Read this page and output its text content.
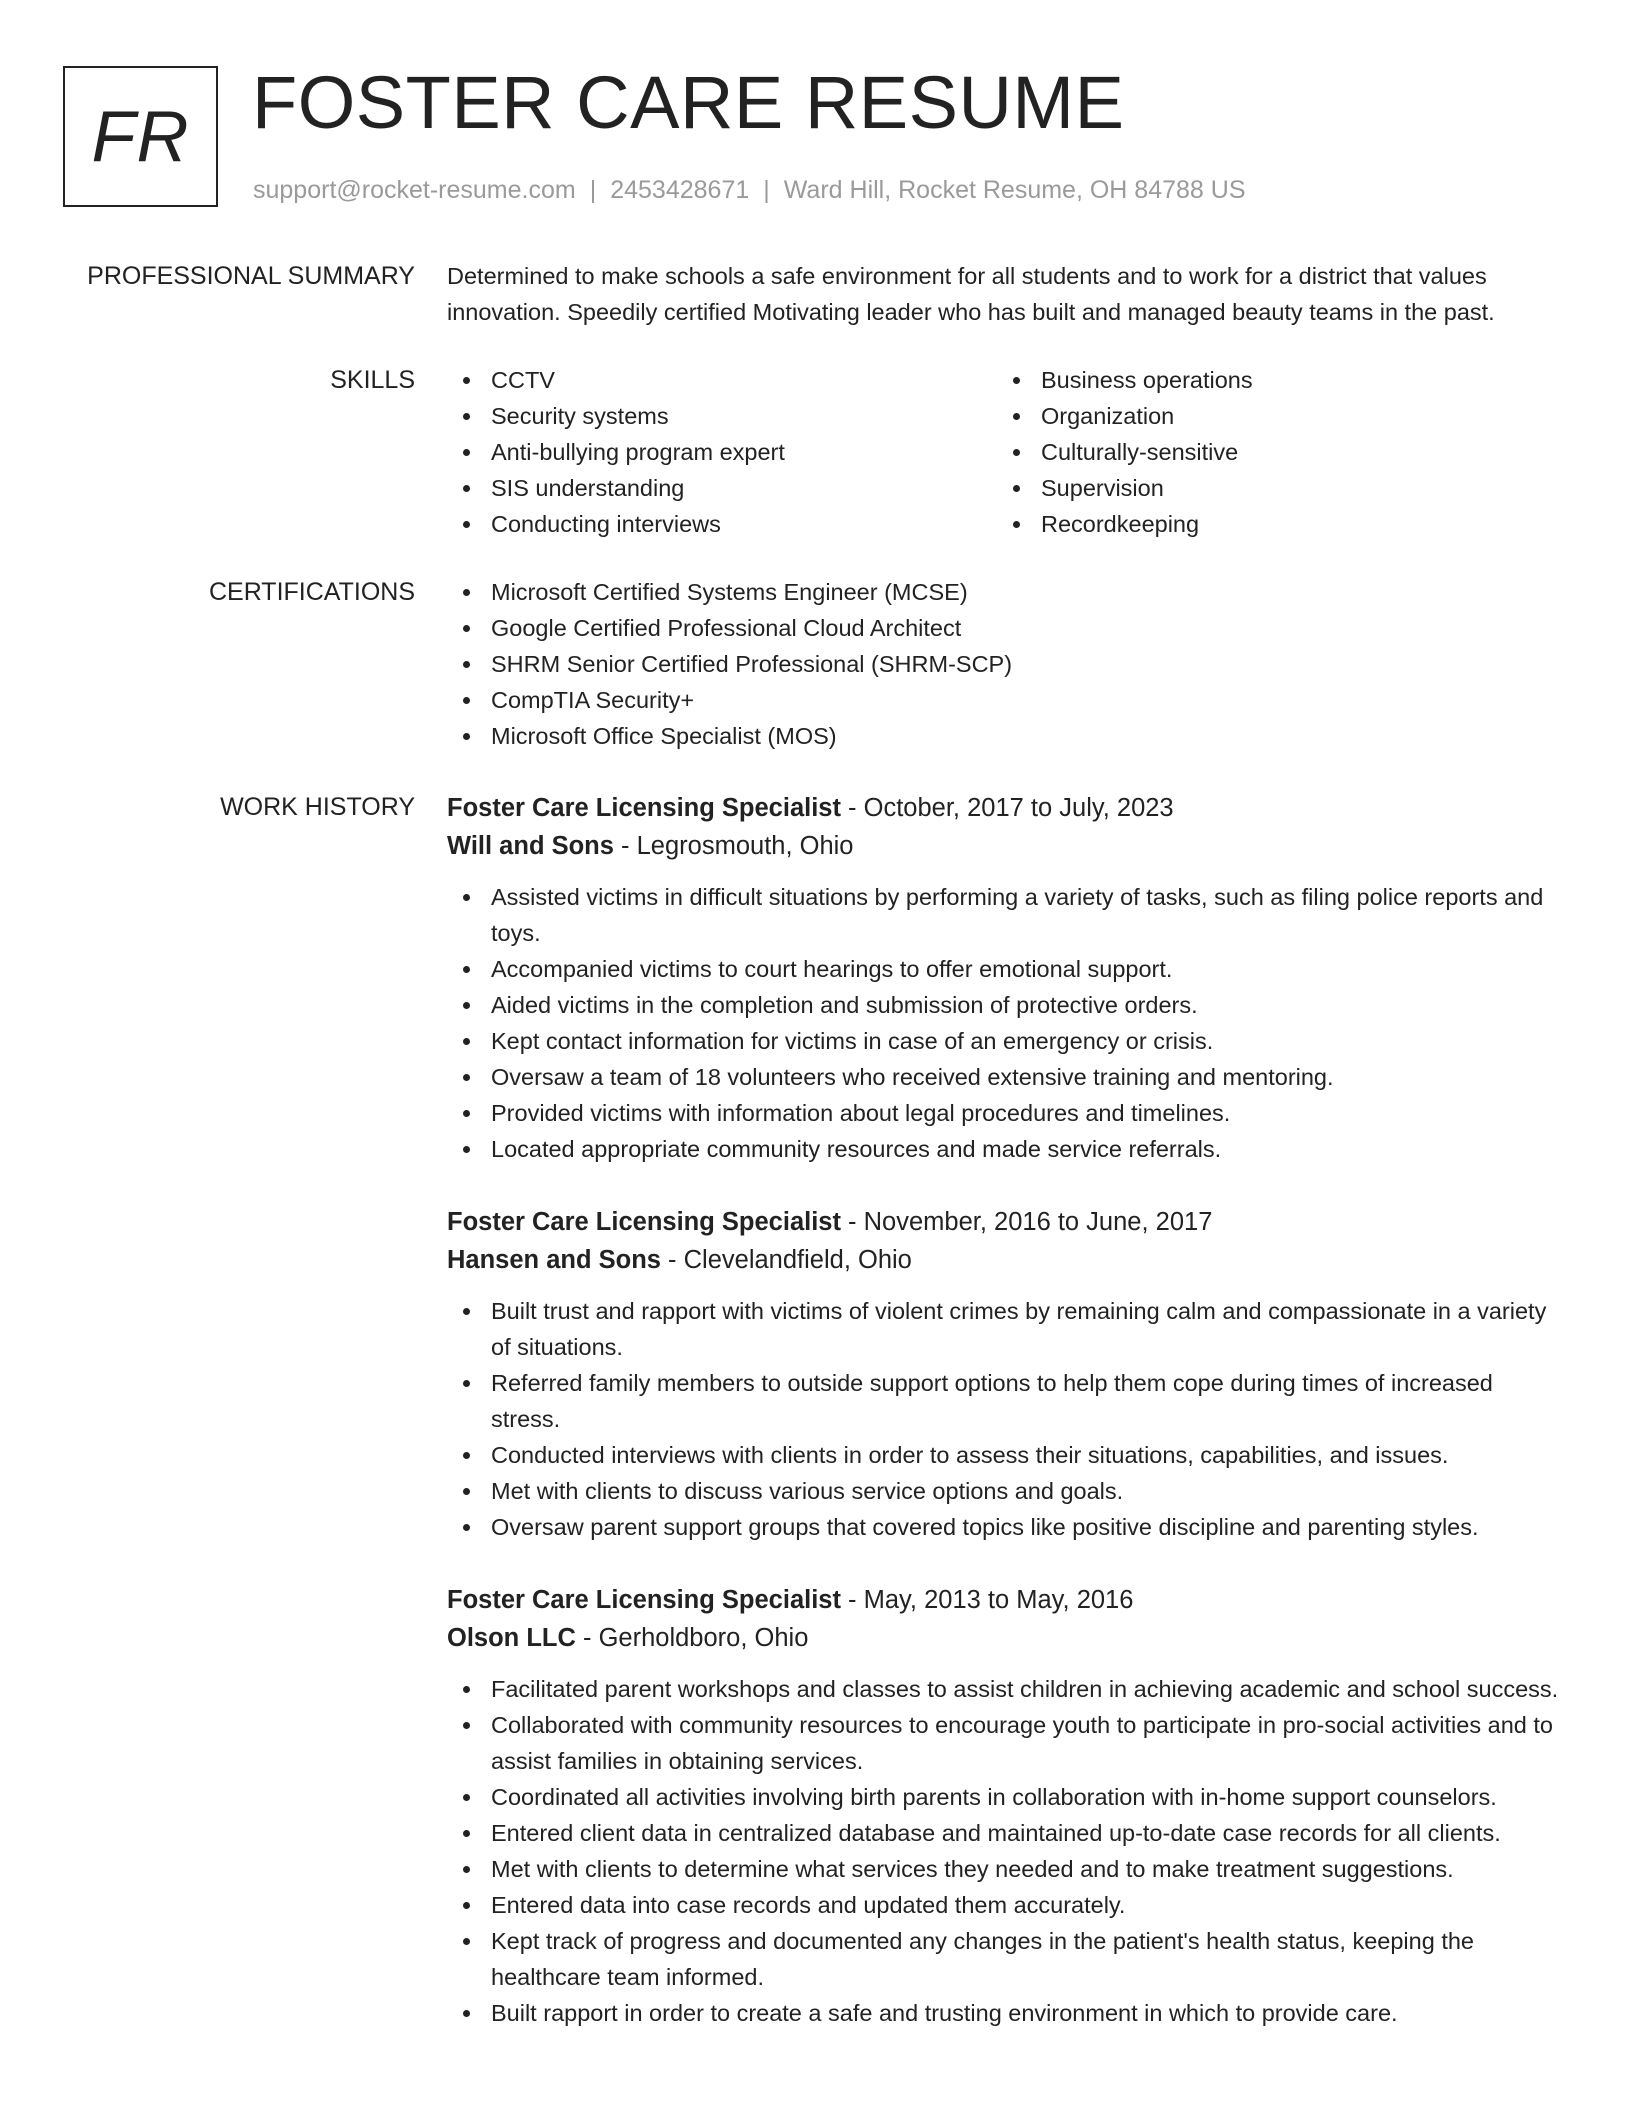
FR FOSTER CARE RESUME
support@rocket-resume.com | 2453428671 | Ward Hill, Rocket Resume, OH 84788 US
PROFESSIONAL SUMMARY Determined to make schools a safe environment for all students and to work for a district that values innovation. Speedily certified Motivating leader who has built and managed beauty teams in the past.
SKILLS	CCTV
Security systems
Anti-bullying program expert
SIS understanding
Conducting interviews
Business operations
Organization
Culturally-sensitive
Supervision
Recordkeeping
CERTIFICATIONS	Microsoft Certified Systems Engineer (MCSE)
Google Certified Professional Cloud Architect
SHRM Senior Certified Professional (SHRM-SCP)
CompTIA Security+
Microsoft Office Specialist (MOS)
WORK HISTORY Foster Care Licensing Specialist - October, 2017 to July, 2023
Will and Sons - Legrosmouth, Ohio
Assisted victims in difficult situations by performing a variety of tasks, such as filing police reports and toys.
Accompanied victims to court hearings to offer emotional support.
Aided victims in the completion and submission of protective orders.
Kept contact information for victims in case of an emergency or crisis.
Oversaw a team of 18 volunteers who received extensive training and mentoring.
Provided victims with information about legal procedures and timelines.
Located appropriate community resources and made service referrals.
Foster Care Licensing Specialist - November, 2016 to June, 2017
Hansen and Sons - Clevelandfield, Ohio
Built trust and rapport with victims of violent crimes by remaining calm and compassionate in a variety of situations.
Referred family members to outside support options to help them cope during times of increased stress.
Conducted interviews with clients in order to assess their situations, capabilities, and issues.
Met with clients to discuss various service options and goals.
Oversaw parent support groups that covered topics like positive discipline and parenting styles.
Foster Care Licensing Specialist - May, 2013 to May, 2016
Olson LLC - Gerholdboro, Ohio
Facilitated parent workshops and classes to assist children in achieving academic and school success.
Collaborated with community resources to encourage youth to participate in pro-social activities and to assist families in obtaining services.
Coordinated all activities involving birth parents in collaboration with in-home support counselors.
Entered client data in centralized database and maintained up-to-date case records for all clients.
Met with clients to determine what services they needed and to make treatment suggestions.
Entered data into case records and updated them accurately.
Kept track of progress and documented any changes in the patient's health status, keeping the healthcare team informed.
Built rapport in order to create a safe and trusting environment in which to provide care.
